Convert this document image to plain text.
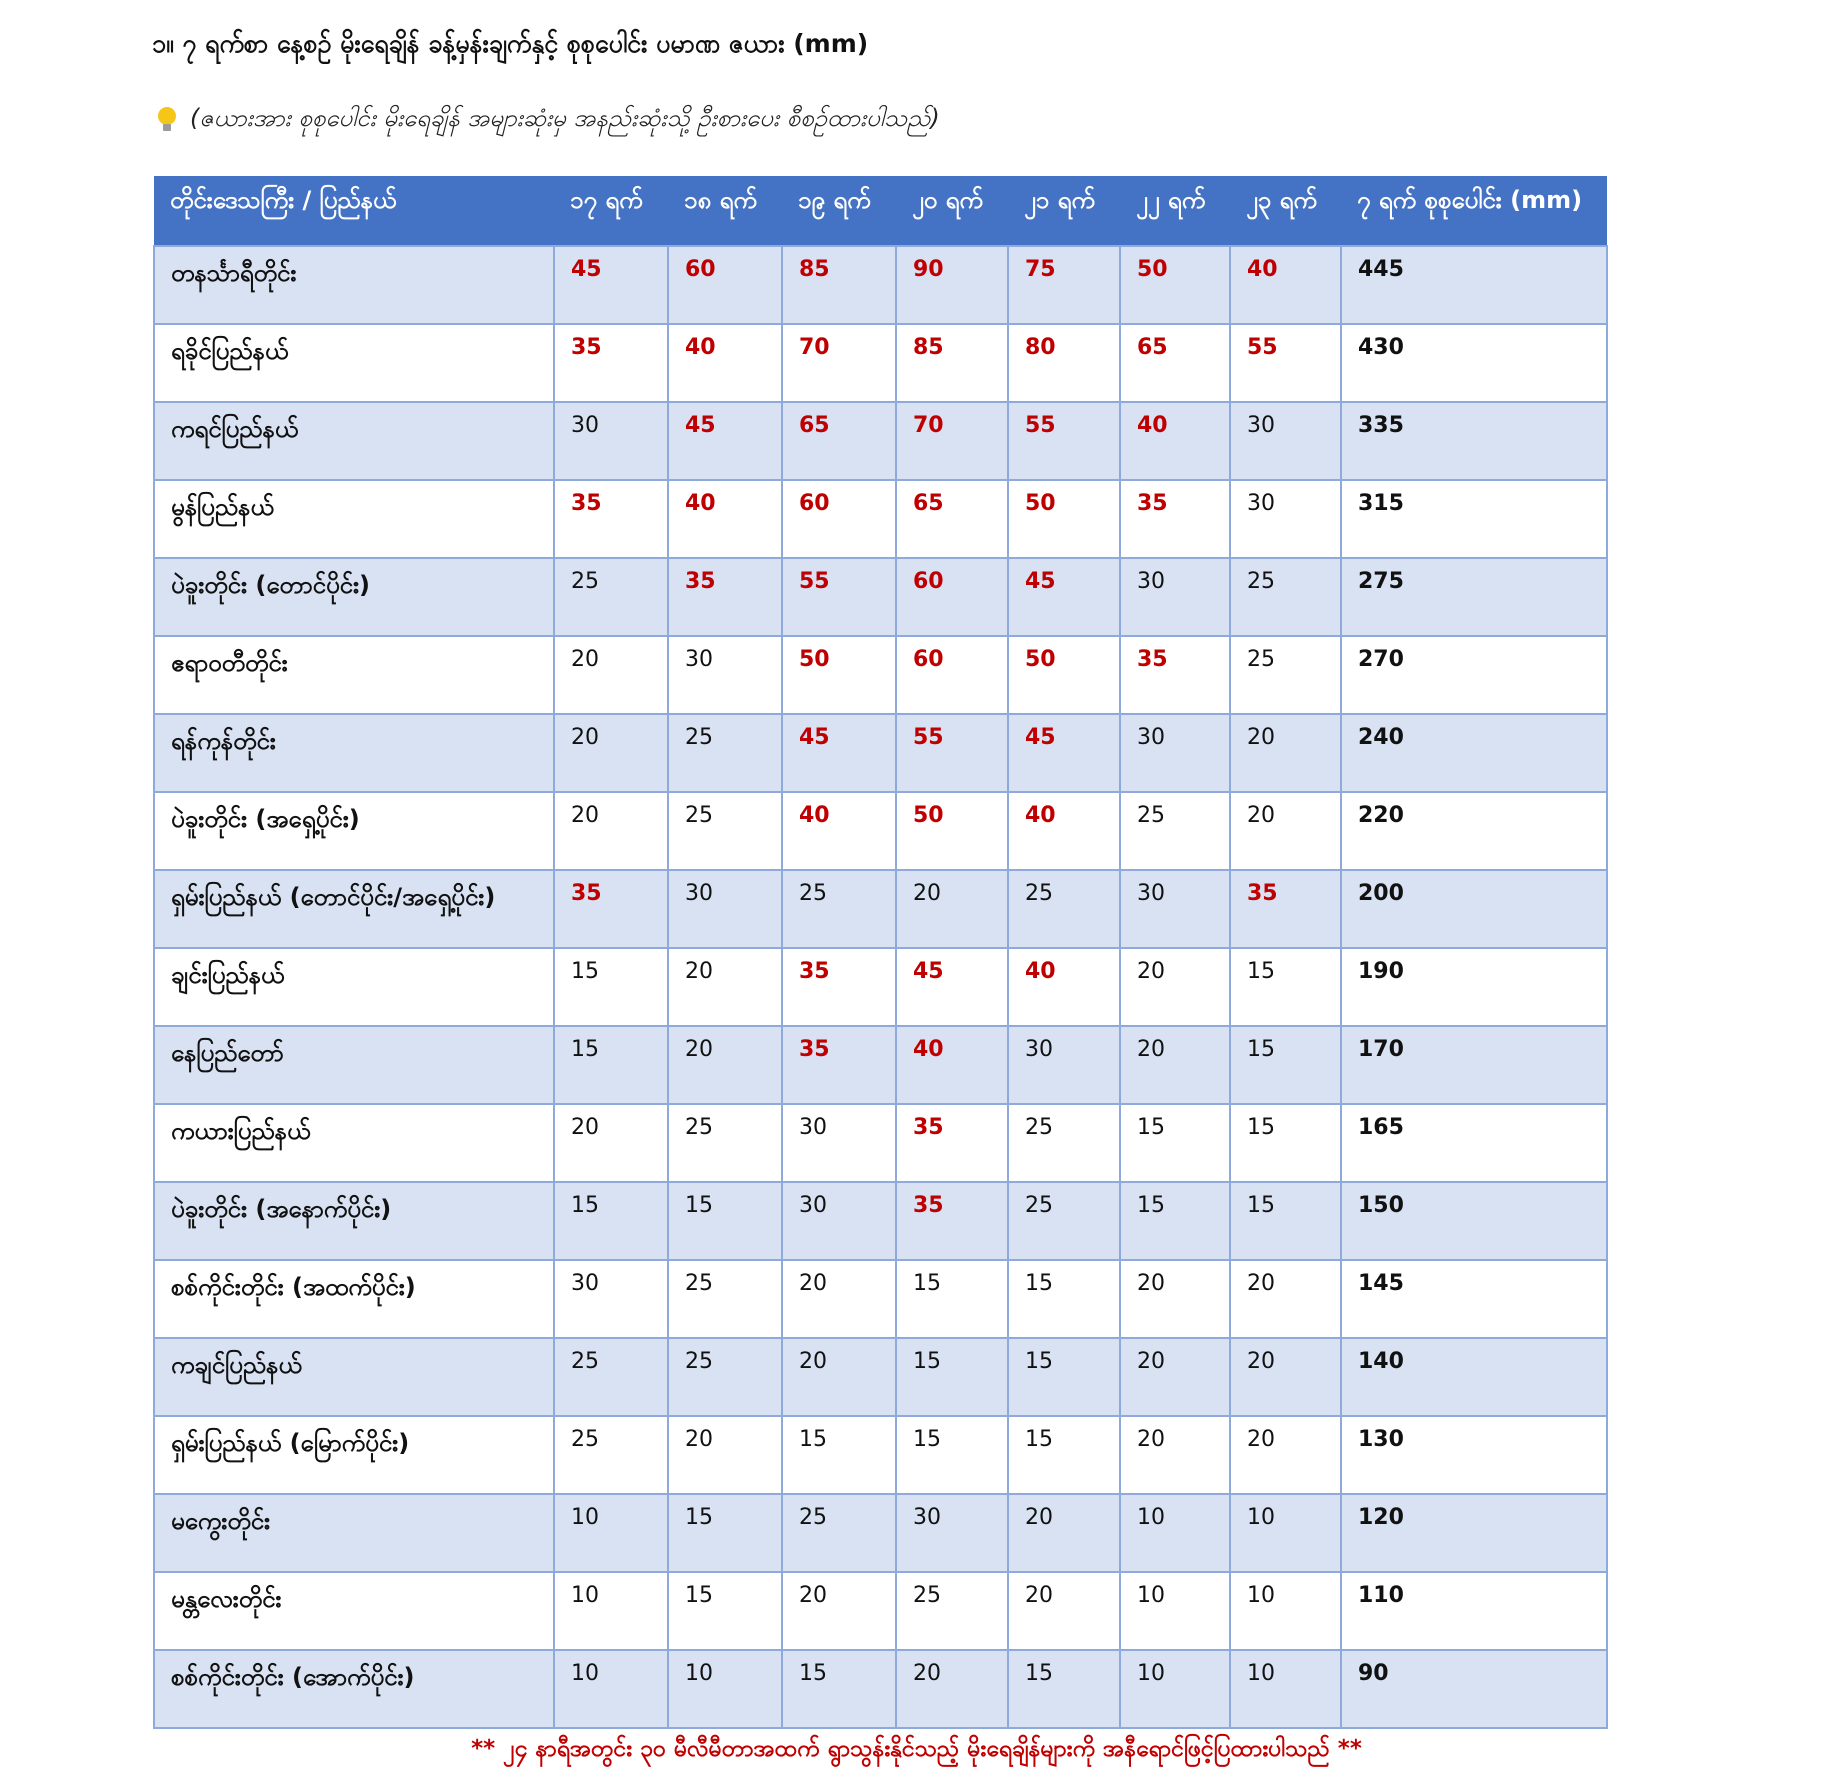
၁။ ၇ ရက်စာ နေ့စဉ် မိုးရေချိန် ခန့်မှန်းချက်နှင့် စုစုပေါင်း ပမာဏ ဇယား (mm)
(ဇယားအား စုစုပေါင်း မိုးရေချိန် အများဆုံးမှ အနည်းဆုံးသို့ ဦးစားပေး စီစဉ်ထားပါသည်)
တိုင်းဒေသကြီး / ပြည်နယ်	၁၇ ရက်	၁၈ ရက်	၁၉ ရက်	၂၀ ရက်	၂၁ ရက်	၂၂ ရက်	၂၃ ရက်	၇ ရက် စုစုပေါင်း (mm)
တနင်္သာရီတိုင်း	45	60	85	90	75	50	40	445
ရခိုင်ပြည်နယ်	35	40	70	85	80	65	55	430
ကရင်ပြည်နယ်	30	45	65	70	55	40	30	335
မွန်ပြည်နယ်	35	40	60	65	50	35	30	315
ပဲခူးတိုင်း (တောင်ပိုင်း)	25	35	55	60	45	30	25	275
ဧရာဝတီတိုင်း	20	30	50	60	50	35	25	270
ရန်ကုန်တိုင်း	20	25	45	55	45	30	20	240
ပဲခူးတိုင်း (အရှေ့ပိုင်း)	20	25	40	50	40	25	20	220
ရှမ်းပြည်နယ် (တောင်ပိုင်း/အရှေ့ပိုင်း)	35	30	25	20	25	30	35	200
ချင်းပြည်နယ်	15	20	35	45	40	20	15	190
နေပြည်တော်	15	20	35	40	30	20	15	170
ကယားပြည်နယ်	20	25	30	35	25	15	15	165
ပဲခူးတိုင်း (အနောက်ပိုင်း)	15	15	30	35	25	15	15	150
စစ်ကိုင်းတိုင်း (အထက်ပိုင်း)	30	25	20	15	15	20	20	145
ကချင်ပြည်နယ်	25	25	20	15	15	20	20	140
ရှမ်းပြည်နယ် (မြောက်ပိုင်း)	25	20	15	15	15	20	20	130
မကွေးတိုင်း	10	15	25	30	20	10	10	120
မန္တလေးတိုင်း	10	15	20	25	20	10	10	110
စစ်ကိုင်းတိုင်း (အောက်ပိုင်း)	10	10	15	20	15	10	10	90
** ၂၄ နာရီအတွင်း ၃၀ မီလီမီတာအထက် ရွာသွန်းနိုင်သည့် မိုးရေချိန်များကို အနီရောင်ဖြင့်ပြထားပါသည် **
